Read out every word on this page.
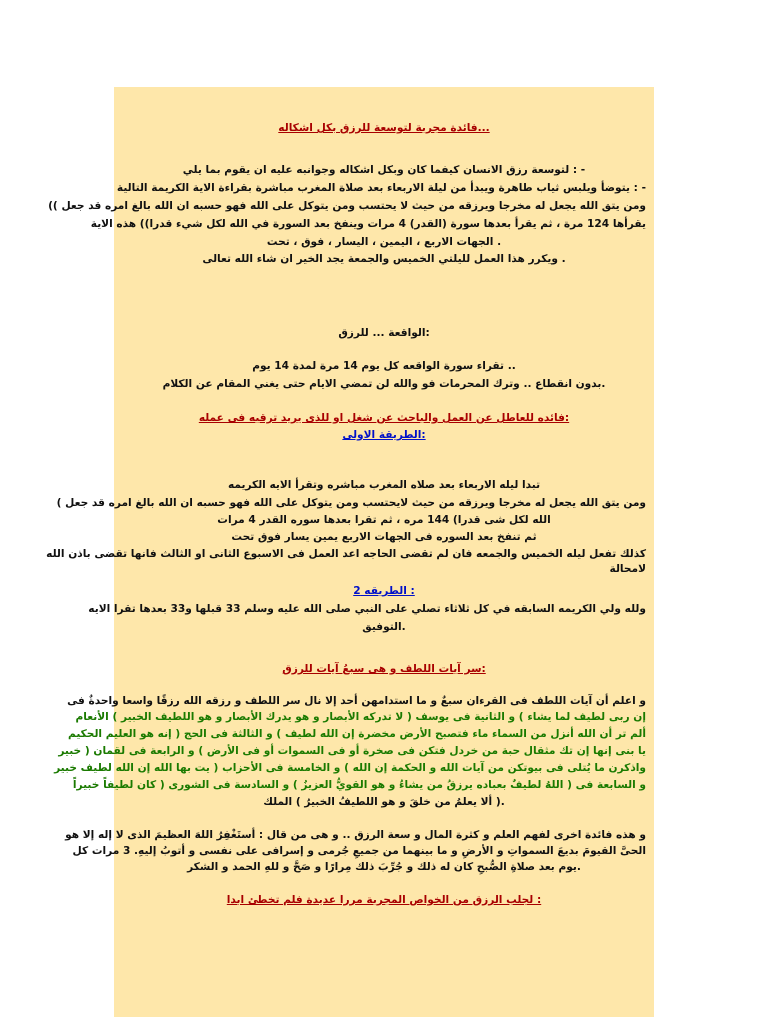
...فائدة مجربة لتوسعة للرزق بكل اشكاله
- : لتوسعة رزق الانسان كيفما كان وبكل اشكاله وجوانبه عليه ان يقوم بما يلي
- : يتوضأ ويلبس ثياب طاهرة ويبدأ من ليلة الاربعاء بعد صلاة المغرب مباشرة بقراءة الاية الكريمة التالية
ومن يتق الله يجعل له مخرجا ويرزقه من حيث لا يحتسب ومن يتوكل على الله فهو حسبه ان الله بالغ امره قد جعل ))
يقرأها 124 مرة ، ثم يقرأ بعدها سورة (القدر) 4 مرات وينفخ بعد السورة في الله لكل شيء قدرا)) هذه الاية
. الجهات الاربع ، اليمين ، اليسار ، فوق ، تحت
. ويكرر هذا العمل لليلتي الخميس والجمعة يجد الخير ان شاء الله تعالى
:الواقعة ... للرزق
.. تقراء سورة الواقعه كل يوم 14 مرة لمدة 14 يوم
.بدون انقطاع .. وترك المحرمات فو والله لن تمضي الايام حتى يغني المقام عن الكلام
:فائده للعاطل عن العمل والباحث عن شغل او للذى يريد ترقيه فى عمله
:الطريقة الاولى
تبدا ليله الاربعاء بعد صلاه المغرب مباشره وتقرأ الايه الكريمه
ومن يتق الله يجعل له مخرجا ويرزقه من حيث لايحتسب ومن يتوكل على الله فهو حسبه ان الله بالغ امره قد جعل )
الله لكل شى قدرا) 144 مره ، ثم تقرا بعدها سوره القدر 4 مرات
ثم تنفخ بعد السوره فى الجهات الاربع يمين يسار فوق تحت
كذلك تفعل ليله الخميس والجمعه فان لم تقضى الحاجه اعد العمل فى الاسبوع الثانى او الثالث فانها تقضى باذن الله
لامحالة
: الطريقه 2
ولله ولي الكريمه السابقه في كل ثلاثاء تصلي على النبي صلى الله عليه وسلم 33 قبلها و33 بعدها تقرا الايه
.التوفيق
:سر آيات اللطف و هى سبعُ آيات للرزق
و اعلم أن آيات اللطف فى القرءان سبعٌ و ما استدامهن أحد إلا نال سر اللطف و رزقه الله رزقًا واسعا واحدةٌ فى
إن ربى لطيف لما يشاء ) و الثانية فى يوسف ( لا تدركه الأبصار و هو يدرك الأبصار و هو اللطيف الخبير ) الأنعام
ألم تر أن الله أنزل من السماء ماء فتصبح الأرض مخضرة إن الله لطيف ) و الثالثة فى الحج ( إنه هو العليم الحكيم
يا بنى إنها إن تك مثقال حبة من خردل فتكن فى صخرة أو فى السموات أو فى الأرض ) و الرابعة فى لقمان ( خبير
واذكرن ما يُتلى فى بيوتكن من آيات الله و الحكمة إن الله ) و الخامسة فى الأحزاب ( يت بها الله إن الله لطيف خبير
و السابعة فى ( اللهُ لطيفٌ بعباده يرزقُ من يشاءُ و هو القويُّ العزيزُ ) و السادسة فى الشورى ( كان لطيفاً خبيراً
.( ألا يعلمُ من خلقَ و هو اللطيفُ الخبيرُ ) الملك
و هذه فائدة اخرى لفهم العلم و كثرة المال و سعة الرزق .. و هى من قال : أستَغْفِرُ اللهَ العظيمَ الذى لا إله إلا هو
الحىَّ القيومَ بديعَ السمواتِ و الأرضِ و ما بينهما من جميعِ جُرمى و إسرافى على نفسى و أتوبُ إليهِ. 3 مرات كل
.يوم بعد صلاةِ الصُّبحِ كان له ذلك و جُرِّبَ ذلك مِرارًا و صَحَّ و للهِ الحمد و الشكر
: لجلب الرزق من الخواص المجربة مررا عديدة فلم تخطئ ابدا
